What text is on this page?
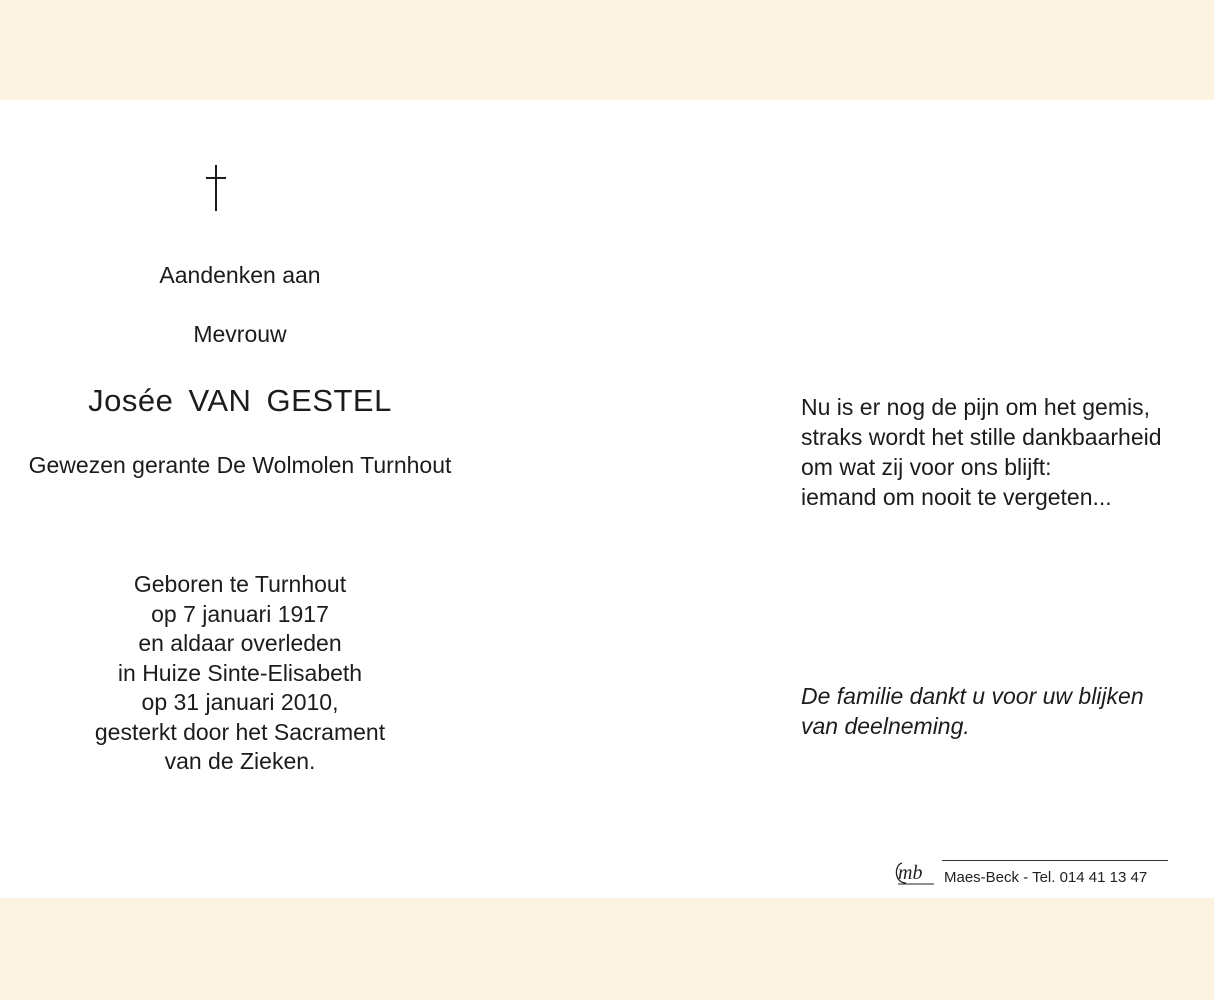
Aandenken aan
Mevrouw
Josée VAN GESTEL
Gewezen gerante De Wolmolen Turnhout
Geboren te Turnhout
op 7 januari 1917
en aldaar overleden
in Huize Sinte-Elisabeth
op 31 januari 2010,
gesterkt door het Sacrament
van de Zieken.
Nu is er nog de pijn om het gemis,
straks wordt het stille dankbaarheid
om wat zij voor ons blijft:
iemand om nooit te vergeten...
De familie dankt u voor uw blijken
van deelneming.
mb Maes-Beck - Tel. 014 41 13 47
